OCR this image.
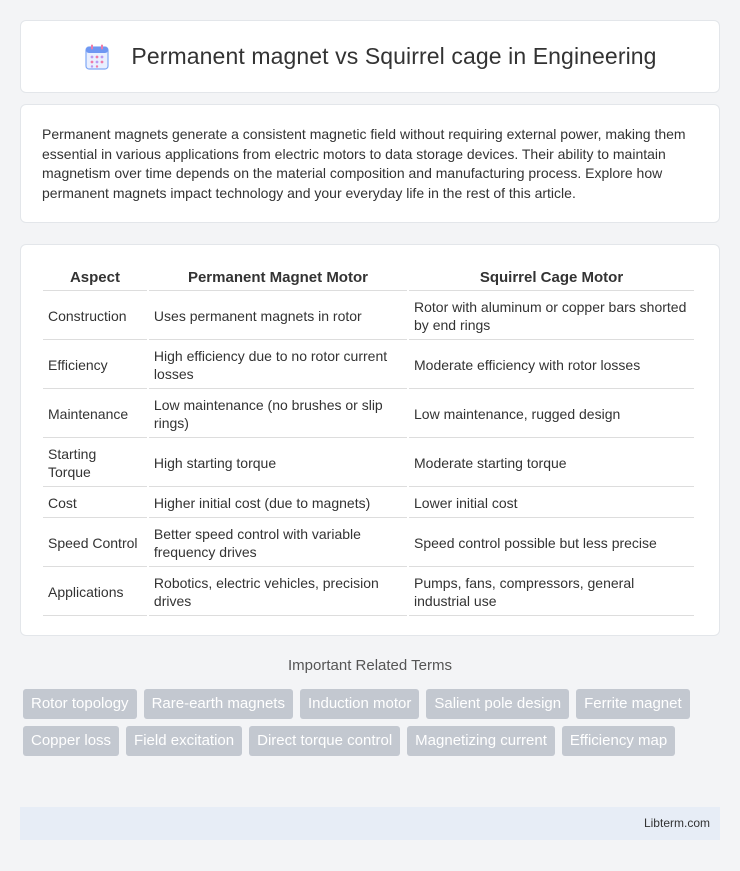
Permanent magnet vs Squirrel cage in Engineering

Permanent magnets generate a consistent magnetic field without requiring external power, making them essential in various applications from electric motors to data storage devices. Their ability to maintain magnetism over time depends on the material composition and manufacturing process. Explore how permanent magnets impact technology and your everyday life in the rest of this article.

Aspect	Permanent Magnet Motor	Squirrel Cage Motor
Construction	Uses permanent magnets in rotor	Rotor with aluminum or copper bars shorted by end rings
Efficiency	High efficiency due to no rotor current losses	Moderate efficiency with rotor losses
Maintenance	Low maintenance (no brushes or slip rings)	Low maintenance, rugged design
Starting Torque	High starting torque	Moderate starting torque
Cost	Higher initial cost (due to magnets)	Lower initial cost
Speed Control	Better speed control with variable frequency drives	Speed control possible but less precise
Applications	Robotics, electric vehicles, precision drives	Pumps, fans, compressors, general industrial use
Important Related Terms
Rotor topology	Rare-earth magnets	Induction motor	Salient pole design	Ferrite magnet
Copper loss	Field excitation	Direct torque control	Magnetizing current	Efficiency map
Libterm.com
